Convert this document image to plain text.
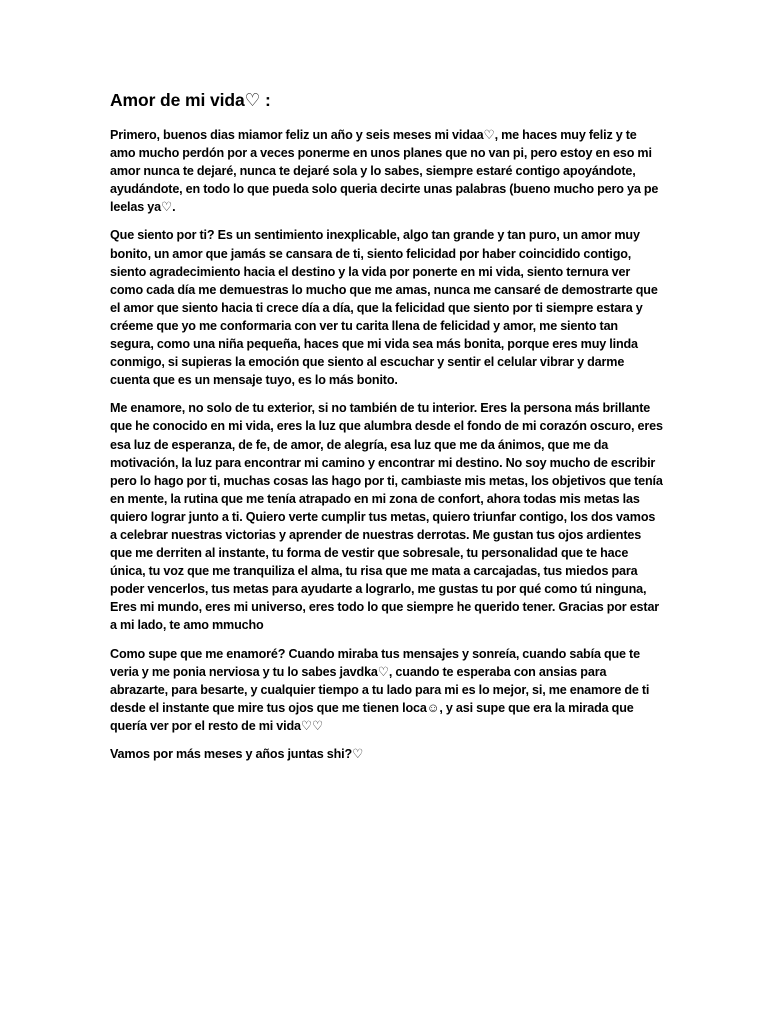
Amor de mi vida♡ :

Primero, buenos dias miamor feliz un año y seis meses mi vidaa♡, me haces muy feliz y te amo mucho perdón por a veces ponerme en unos planes que no van pi, pero estoy en eso mi amor nunca te dejaré, nunca te dejaré sola y lo sabes, siempre estaré contigo apoyándote, ayudándote, en todo lo que pueda solo queria decirte unas palabras (bueno mucho pero ya pe leelas ya♡.

Que siento por ti? Es un sentimiento inexplicable, algo tan grande y tan puro, un amor muy bonito, un amor que jamás se cansara de ti, siento felicidad por haber coincidido contigo, siento agradecimiento hacia el destino y la vida por ponerte en mi vida, siento ternura ver como cada día me demuestras lo mucho que me amas, nunca me cansaré de demostrarte que el amor que siento hacia ti crece día a día, que la felicidad que siento por ti siempre estara y créeme que yo me conformaria con ver tu carita llena de felicidad y amor, me siento tan segura, como una niña pequeña, haces que mi vida sea más bonita, porque eres muy linda conmigo, si supieras la emoción que siento al escuchar y sentir el celular vibrar y darme cuenta que es un mensaje tuyo, es lo más bonito.

Me enamore, no solo de tu exterior, si no también de tu interior. Eres la persona más brillante que he conocido en mi vida, eres la luz que alumbra desde el fondo de mi corazón oscuro, eres esa luz de esperanza, de fe, de amor, de alegría, esa luz que me da ánimos, que me da motivación, la luz para encontrar mi camino y encontrar mi destino. No soy mucho de escribir pero lo hago por ti, muchas cosas las hago por ti, cambiaste mis metas, los objetivos que tenía en mente, la rutina que me tenía atrapado en mi zona de confort, ahora todas mis metas las quiero lograr junto a ti. Quiero verte cumplir tus metas, quiero triunfar contigo, los dos vamos a celebrar nuestras victorias y aprender de nuestras derrotas. Me gustan tus ojos ardientes que me derriten al instante, tu forma de vestir que sobresale, tu personalidad que te hace única, tu voz que me tranquiliza el alma, tu risa que me mata a carcajadas, tus miedos para poder vencerlos, tus metas para ayudarte a lograrlo, me gustas tu por qué como tú ninguna, Eres mi mundo, eres mi universo, eres todo lo que siempre he querido tener. Gracias por estar a mi lado, te amo mmucho

Como supe que me enamoré? Cuando miraba tus mensajes y sonreía, cuando sabía que te veria y me ponia nerviosa y tu lo sabes javdka♡, cuando te esperaba con ansias para abrazarte, para besarte, y cualquier tiempo a tu lado para mi es lo mejor, si, me enamore de ti desde el instante que mire tus ojos que me tienen loca☺, y asi supe que era la mirada que quería ver por el resto de mi vida♡♡

Vamos por más meses y años juntas shi?♡
